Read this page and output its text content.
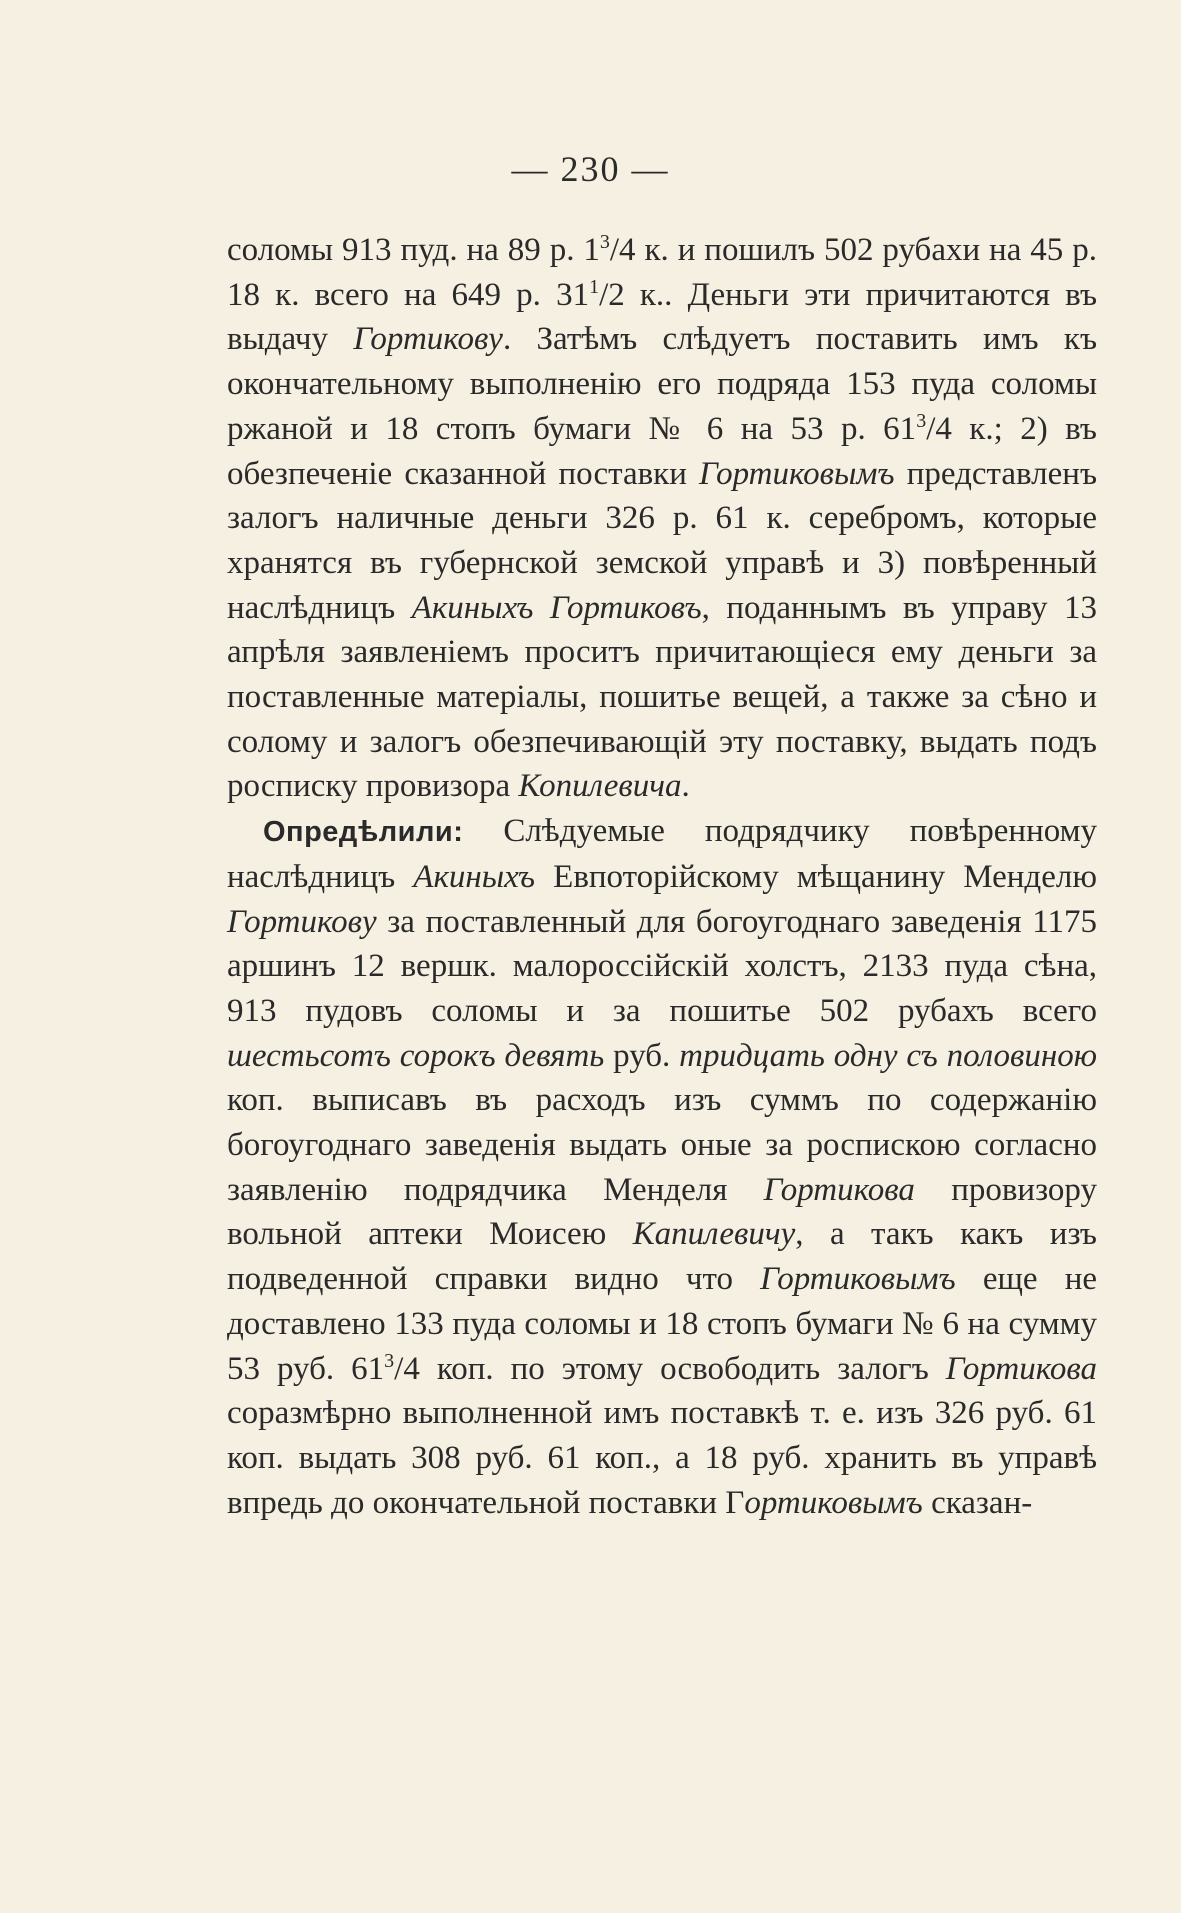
— 230 —

соломы 913 пуд. на 89 р. $1^3/4$ к. и пошилъ 502 рубахи на 45 р. 18 к. всего на 649 р. $31^1/2$ к.. Деньги эти причитаются въ выдачу Гортикову. Затѣмъ слѣдуетъ поставить имъ къ окончательному выполненію его подряда 153 пуда соломы ржаной и 18 стопъ бумаги № 6 на 53 р. $61^3/4$ к.; 2) въ обезпеченіе сказанной поставки Гортиковымъ представленъ залогъ наличные деньги 326 р. 61 к. серебромъ, которые хранятся въ губернской земской управѣ и 3) повѣренный наслѣдницъ Акиныхъ Гортиковъ, поданнымъ въ управу 13 апрѣля заявленіемъ проситъ причитающіеся ему деньги за поставленные матеріалы, пошитье вещей, а также за сѣно и солому и залогъ обезпечивающій эту поставку, выдать подъ росписку провизора Копилевича.

Опредѣлили: Слѣдуемые подрядчику повѣренному наслѣдницъ Акиныхъ Евпоторійскому мѣщанину Менделю Гортикову за поставленный для богоугоднаго заведенія 1175 аршинъ 12 вершк. малороссійскій холстъ, 2133 пуда сѣна, 913 пудовъ соломы и за пошитье 502 рубахъ всего шестьсотъ сорокъ девять руб. тридцать одну съ половиною коп. выписавъ въ расходъ изъ суммъ по содержанію богоугоднаго заведенія выдать оные за роспискою согласно заявленію подрядчика Менделя Гортикова провизору вольной аптеки Моисею Капилевичу, а такъ какъ изъ подведенной справки видно что Гортиковымъ еще не доставлено 133 пуда соломы и 18 стопъ бумаги № 6 на сумму 53 руб. $61^3/4$ коп. по этому освободить залогъ Гортикова соразмѣрно выполненной имъ поставкѣ т. е. изъ 326 руб. 61 коп. выдать 308 руб. 61 коп., а 18 руб. хранить въ управѣ впредь до окончательной поставки Гортиковымъ сказан-
